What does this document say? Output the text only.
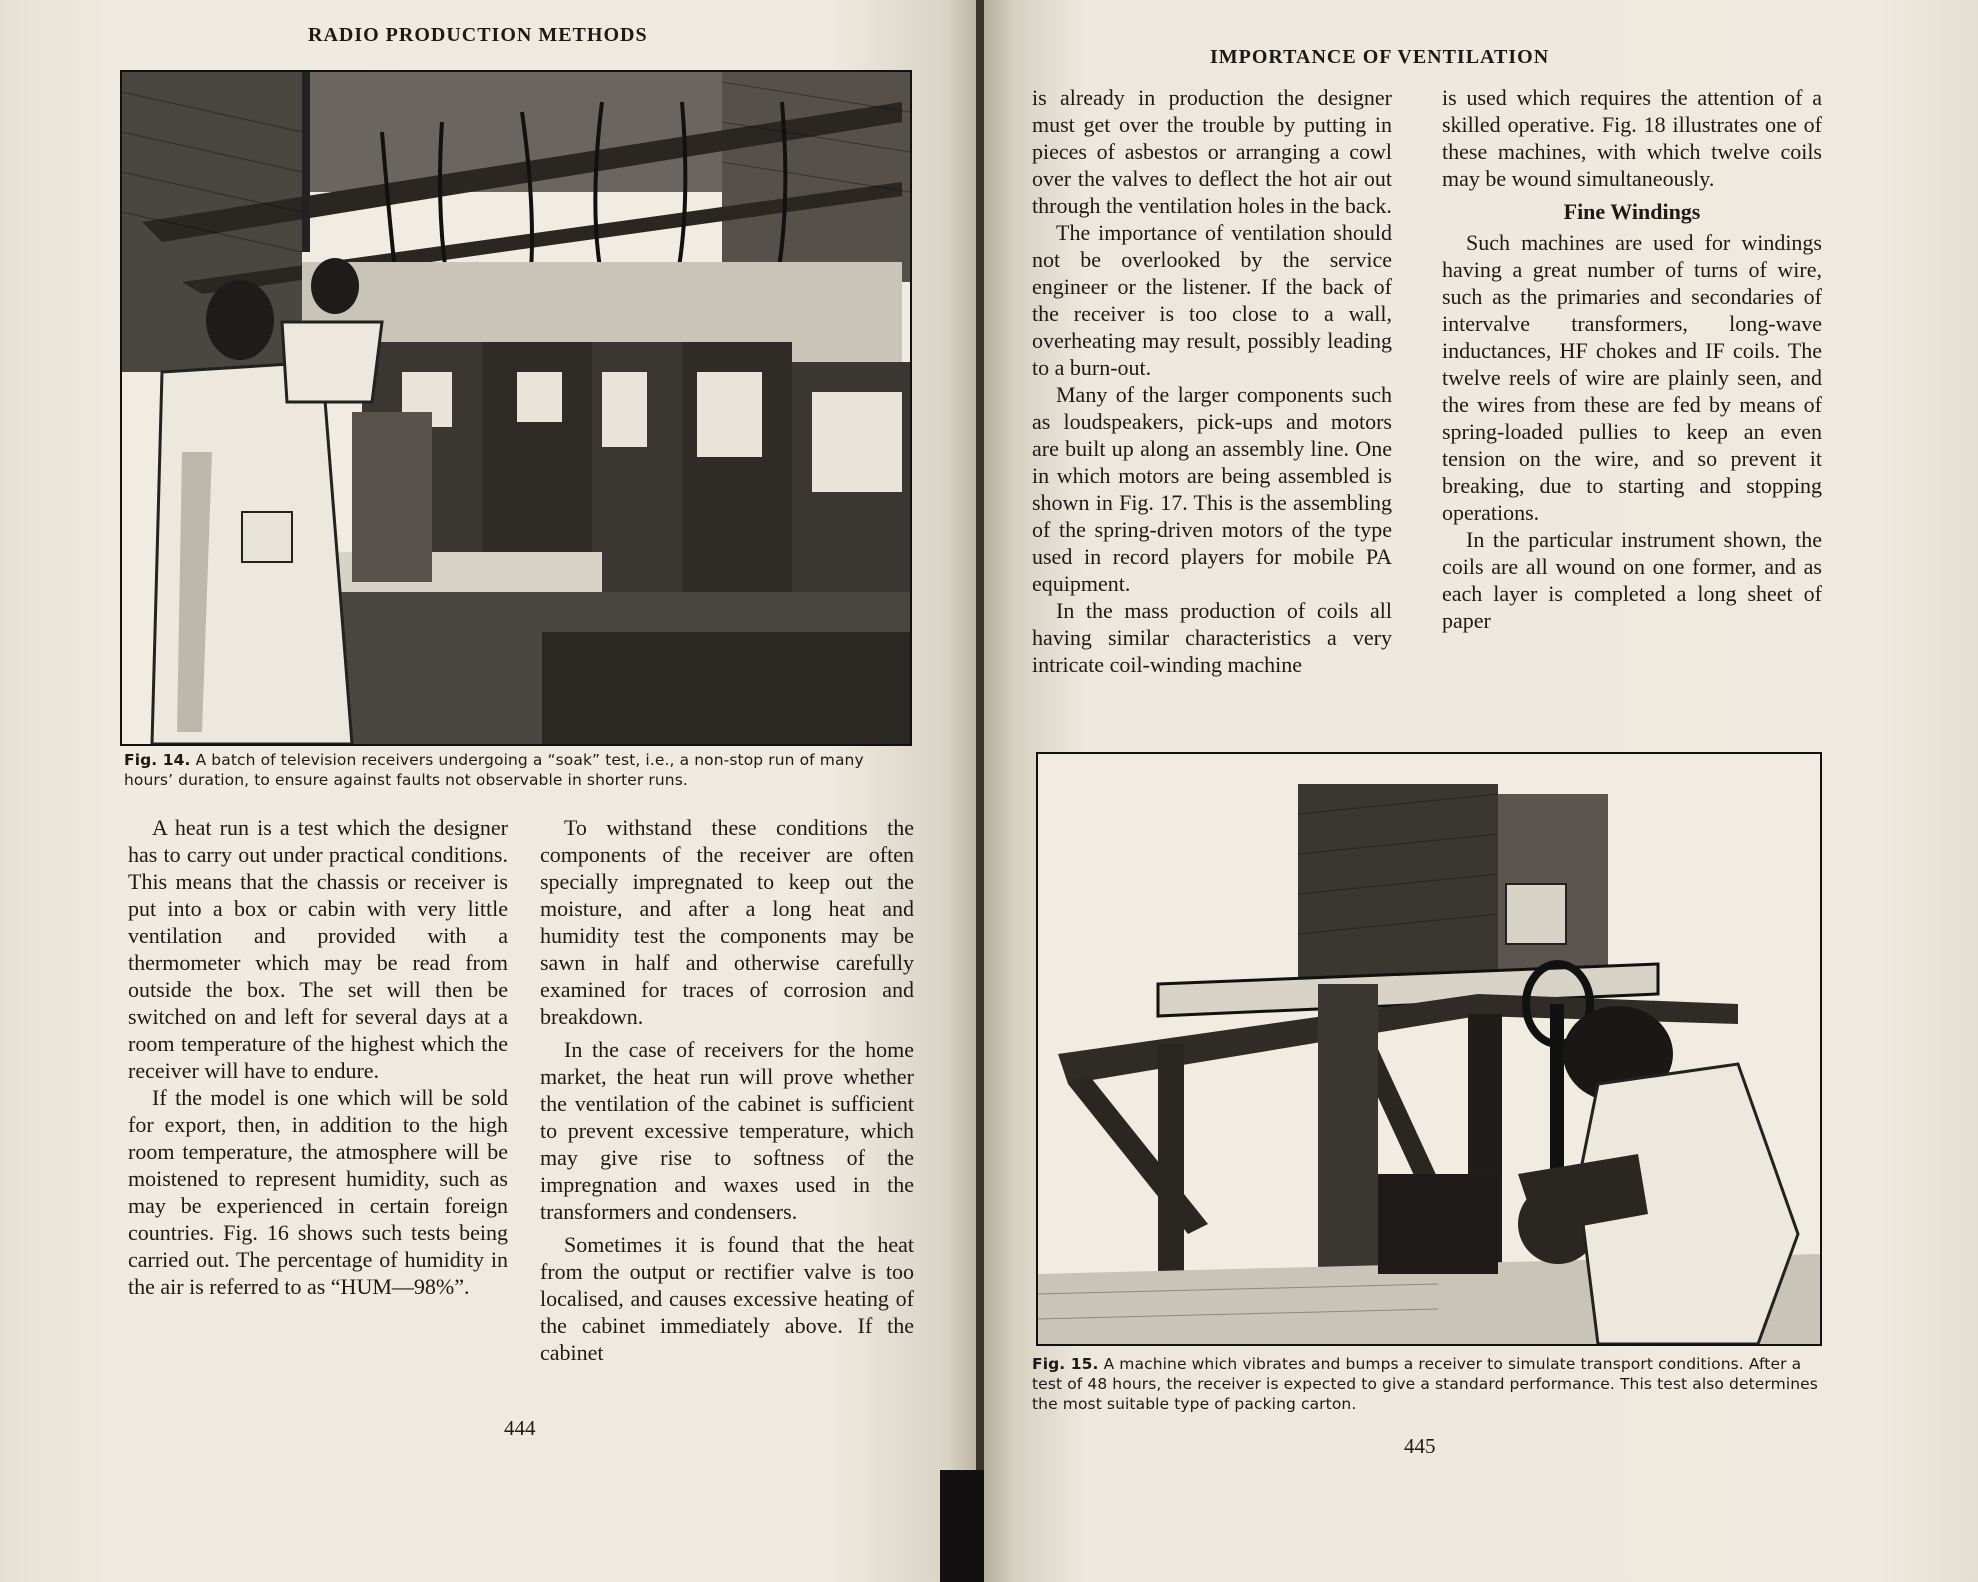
RADIO PRODUCTION METHODS
Fig. 14. A batch of television receivers undergoing a “soak” test, i.e., a non-stop run of many hours’ duration, to ensure against faults not observable in shorter runs.

A heat run is a test which the designer has to carry out under practical conditions. This means that the chassis or receiver is put into a box or cabin with very little ventilation and provided with a thermometer which may be read from outside the box. The set will then be switched on and left for several days at a room temperature of the highest which the receiver will have to endure.

If the model is one which will be sold for export, then, in addition to the high room temperature, the atmosphere will be moistened to represent humidity, such as may be experienced in certain foreign countries. Fig. 16 shows such tests being carried out. The percentage of humidity in the air is referred to as “HUM—98%”.

To withstand these conditions the components of the receiver are often specially impregnated to keep out the moisture, and after a long heat and humidity test the components may be sawn in half and otherwise carefully examined for traces of corrosion and breakdown.

In the case of receivers for the home market, the heat run will prove whether the ventilation of the cabinet is sufficient to prevent excessive temperature, which may give rise to softness of the impregnation and waxes used in the transformers and condensers.

Sometimes it is found that the heat from the output or rectifier valve is too localised, and causes excessive heating of the cabinet immediately above. If the cabinet

444
IMPORTANCE OF VENTILATION

is already in production the designer must get over the trouble by putting in pieces of asbestos or arranging a cowl over the valves to deflect the hot air out through the ventilation holes in the back.

The importance of ventilation should not be overlooked by the service engineer or the listener. If the back of the receiver is too close to a wall, overheating may result, possibly leading to a burn-out.

Many of the larger components such as loudspeakers, pick-ups and motors are built up along an assembly line. One in which motors are being assembled is shown in Fig. 17. This is the assembling of the spring-driven motors of the type used in record players for mobile PA equipment.

In the mass production of coils all having similar characteristics a very intricate coil-winding machine

is used which requires the attention of a skilled operative. Fig. 18 illustrates one of these machines, with which twelve coils may be wound simultaneously.

Fine Windings

Such machines are used for windings having a great number of turns of wire, such as the primaries and secondaries of intervalve transformers, long-wave inductances, HF chokes and IF coils. The twelve reels of wire are plainly seen, and the wires from these are fed by means of spring-loaded pullies to keep an even tension on the wire, and so prevent it breaking, due to starting and stopping operations.

In the particular instrument shown, the coils are all wound on one former, and as each layer is completed a long sheet of paper

Fig. 15. A machine which vibrates and bumps a receiver to simulate transport conditions. After a test of 48 hours, the receiver is expected to give a standard performance. This test also determines the most suitable type of packing carton.
445
